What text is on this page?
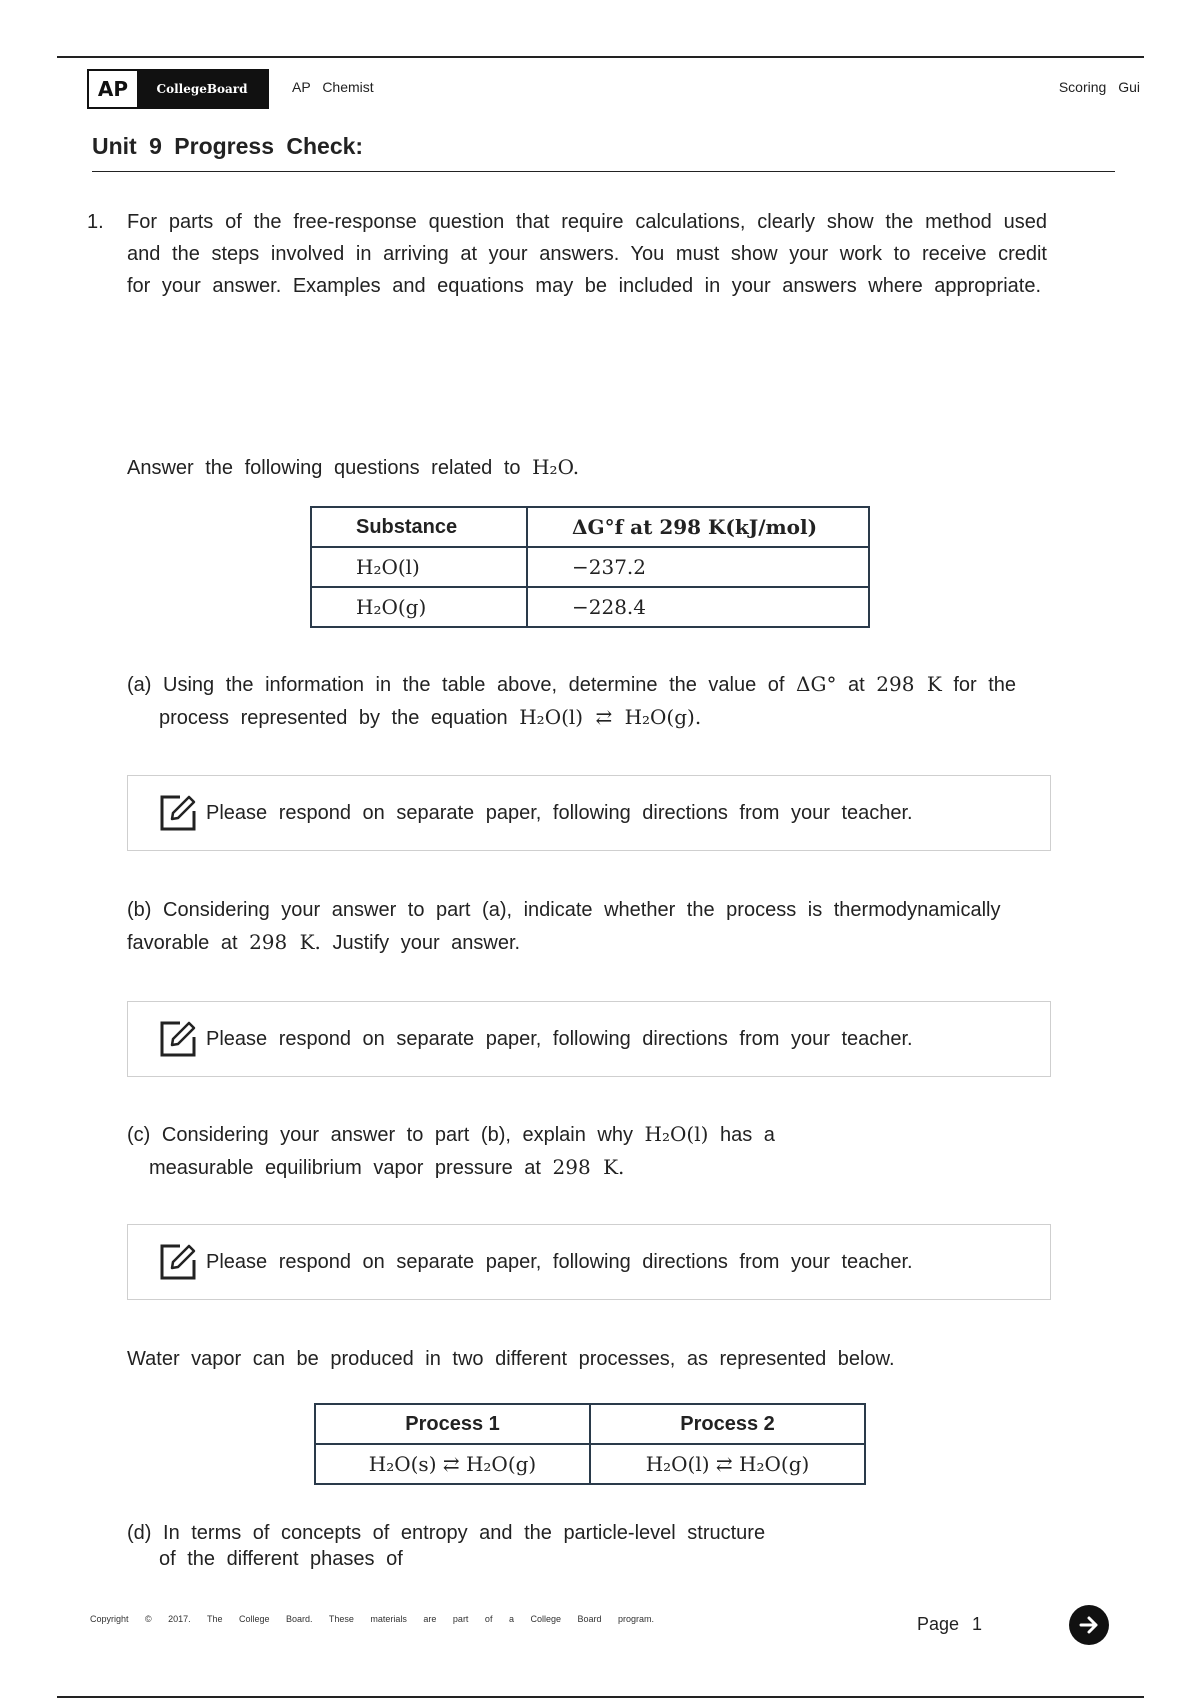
AP	CollegeBoard	AP Chemist	Scoring Gui
Unit 9 Progress Check:
1. For parts of the free-response question that require calculations, clearly show the method used and the steps involved in arriving at your answers. You must show your work to receive credit for your answer. Examples and equations may be included in your answers where appropriate.
Answer the following questions related to H₂O.
Substance	ΔG°f at 298 K(kJ/mol)
H₂O(l)	−237.2
H₂O(g)	−228.4
(a) Using the information in the table above, determine the value of ΔG° at 298 K for the process represented by the equation H₂O(l) ⇄ H₂O(g).
Please respond on separate paper, following directions from your teacher.
(b) Considering your answer to part (a), indicate whether the process is thermodynamically favorable at 298 K. Justify your answer.
Please respond on separate paper, following directions from your teacher.
(c) Considering your answer to part (b), explain why H₂O(l) has a measurable equilibrium vapor pressure at 298 K.
Please respond on separate paper, following directions from your teacher.
Water vapor can be produced in two different processes, as represented below.
Process 1	Process 2
H₂O(s) ⇄ H₂O(g)	H₂O(l) ⇄ H₂O(g)
(d) In terms of concepts of entropy and the particle-level structure of the different phases of
Copyright © 2017. The College Board. These materials are part of a College Board program.	Page 1
